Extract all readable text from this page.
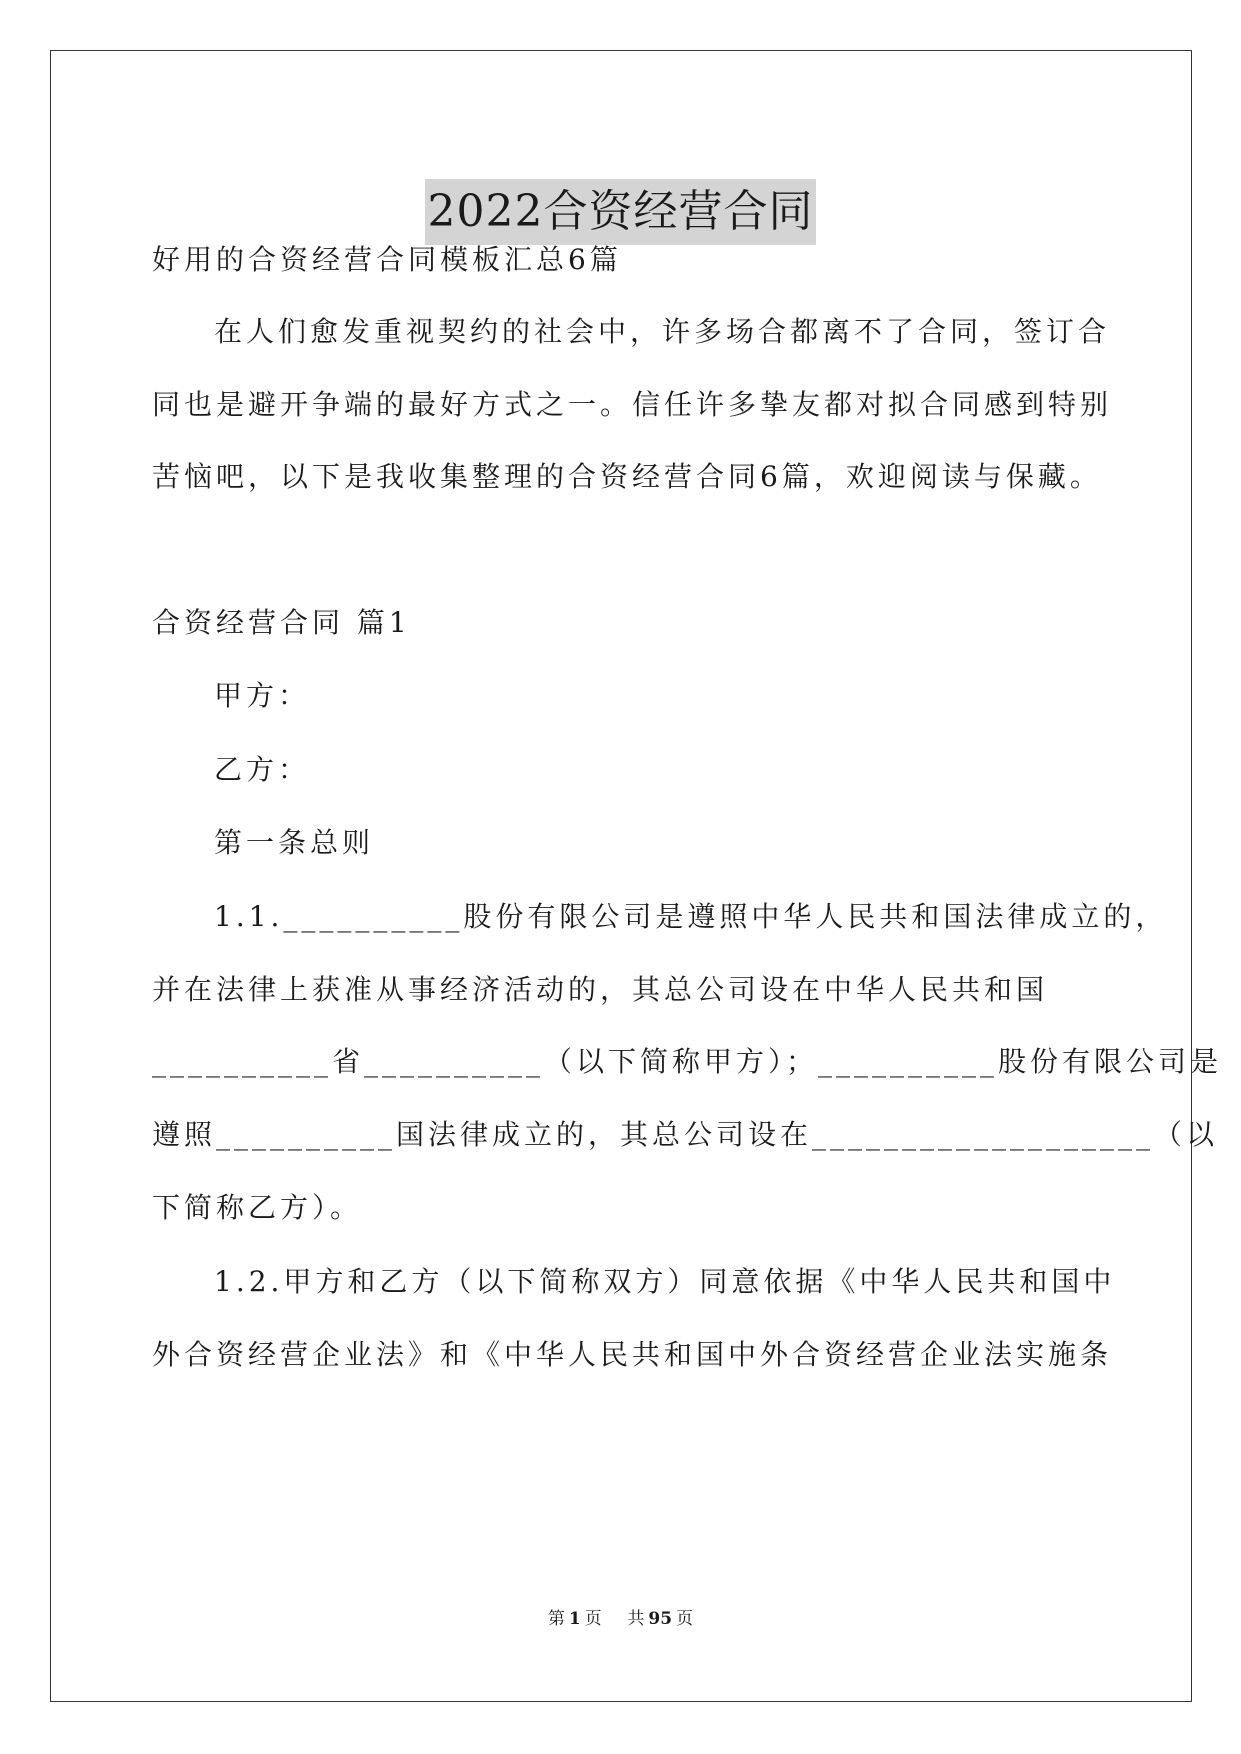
2022合资经营合同
好用的合资经营合同模板汇总6篇
在人们愈发重视契约的社会中，许多场合都离不了合同，签订合
同也是避开争端的最好方式之一。信任许多挚友都对拟合同感到特别
苦恼吧，以下是我收集整理的合资经营合同6篇，欢迎阅读与保藏。
合资经营合同 篇1
甲方：
乙方：
第一条总则
1.1.__________股份有限公司是遵照中华人民共和国法律成立的，
并在法律上获准从事经济活动的，其总公司设在中华人民共和国
__________省__________（以下简称甲方）；__________股份有限公司是
遵照__________国法律成立的，其总公司设在___________________（以
下简称乙方）。
1.2.甲方和乙方（以下简称双方）同意依据《中华人民共和国中
外合资经营企业法》和《中华人民共和国中外合资经营企业法实施条
第 1 页 共 95 页
